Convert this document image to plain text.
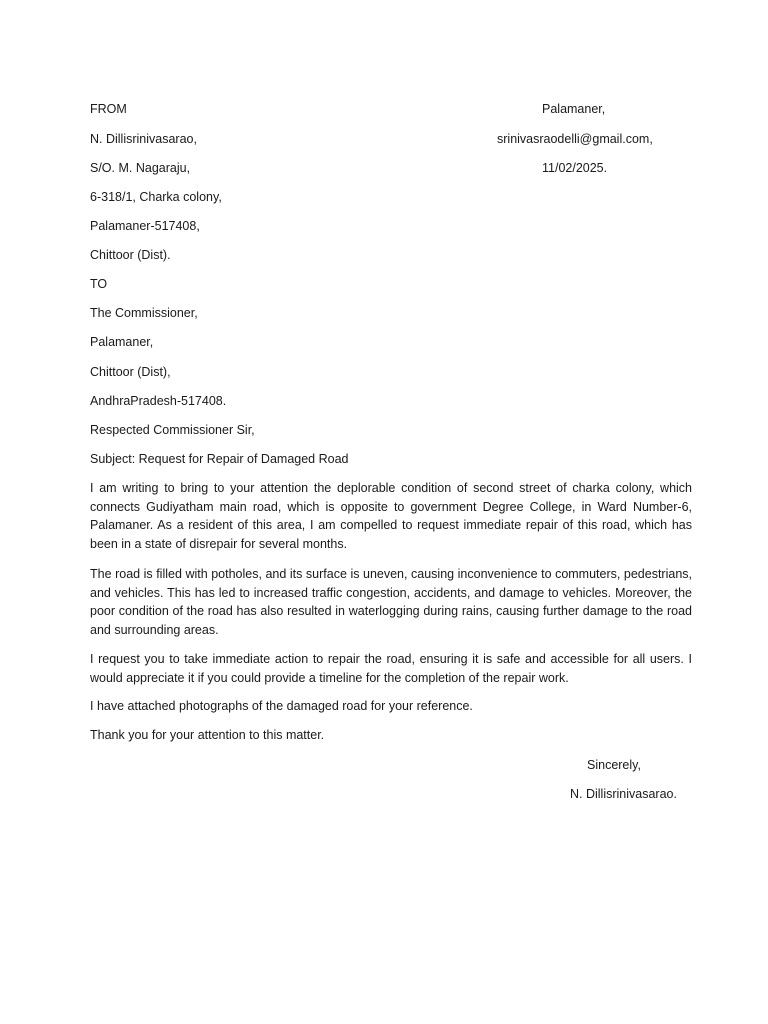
FROM
N. Dillisrinivasarao,
S/O. M. Nagaraju,
6-318/1, Charka colony,
Palamaner-517408,
Chittoor (Dist).
Palamaner,
srinivasraodelli@gmail.com,
11/02/2025.
TO
The Commissioner,
Palamaner,
Chittoor (Dist),
AndhraPradesh-517408.
Respected Commissioner Sir,
Subject: Request for Repair of Damaged Road

I am writing to bring to your attention the deplorable condition of second street of charka colony, which connects Gudiyatham main road, which is opposite to government Degree College, in Ward Number-6, Palamaner. As a resident of this area, I am compelled to request immediate repair of this road, which has been in a state of disrepair for several months.

The road is filled with potholes, and its surface is uneven, causing inconvenience to commuters, pedestrians, and vehicles. This has led to increased traffic congestion, accidents, and damage to vehicles. Moreover, the poor condition of the road has also resulted in waterlogging during rains, causing further damage to the road and surrounding areas.

I request you to take immediate action to repair the road, ensuring it is safe and accessible for all users. I would appreciate it if you could provide a timeline for the completion of the repair work.

I have attached photographs of the damaged road for your reference.

Thank you for your attention to this matter.

Sincerely,
N. Dillisrinivasarao.
